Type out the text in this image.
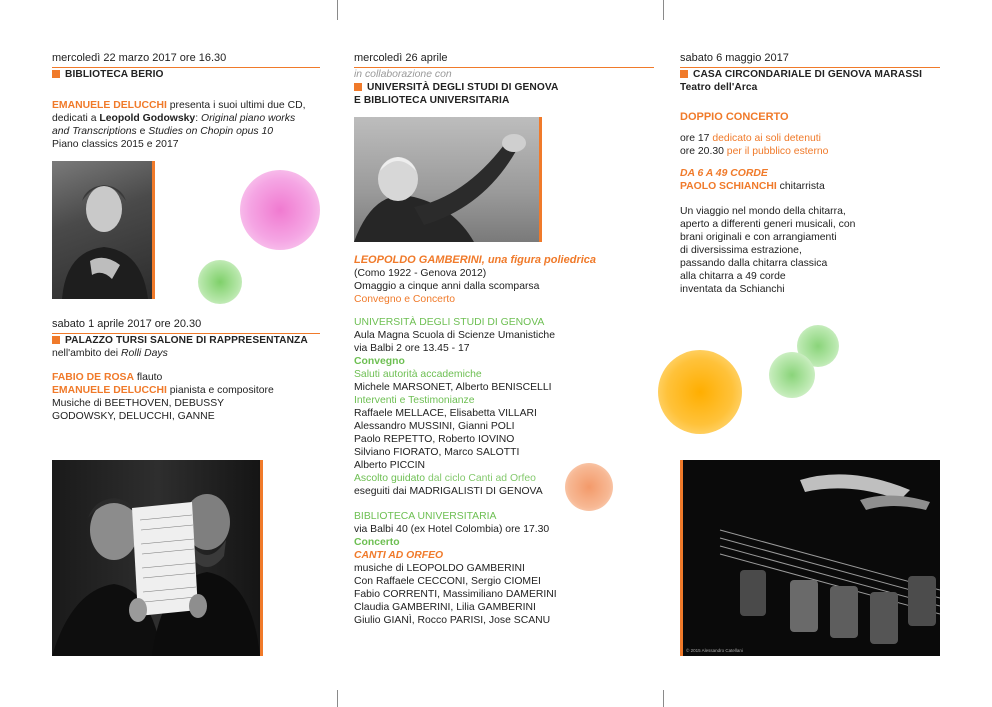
mercoledì 22 marzo 2017 ore 16.30
BIBLIOTECA BERIO

EMANUELE DELUCCHI presenta i suoi ultimi due CD,

dedicati a Leopold Godowsky: Original piano works

and Transcriptions e Studies on Chopin opus 10

Piano classics 2015 e 2017

sabato 1 aprile 2017 ore 20.30
PALAZZO TURSI SALONE DI RAPPRESENTANZA

nell'ambito dei Rolli Days

FABIO DE ROSA flauto

EMANUELE DELUCCHI pianista e compositore

Musiche di BEETHOVEN, DEBUSSY

GODOWSKY, DELUCCHI, GANNE

mercoledì 26 aprile

in collaborazione con

UNIVERSITÀ DEGLI STUDI DI GENOVA
E BIBLIOTECA UNIVERSITARIA

LEOPOLDO GAMBERINI, una figura poliedrica

(Como 1922 - Genova 2012)

Omaggio a cinque anni dalla scomparsa

Convegno e Concerto

UNIVERSITÀ DEGLI STUDI DI GENOVA

Aula Magna Scuola di Scienze Umanistiche

via Balbi 2 ore 13.45 - 17

Convegno

Saluti autorità accademiche

Michele MARSONET, Alberto BENISCELLI

Interventi e Testimonianze

Raffaele MELLACE, Elisabetta VILLARI

Alessandro MUSSINI, Gianni POLI

Paolo REPETTO, Roberto IOVINO

Silviano FIORATO, Marco SALOTTI

Alberto PICCIN

Ascolto guidato dal ciclo Canti ad Orfeo

eseguiti dai MADRIGALISTI DI GENOVA

BIBLIOTECA UNIVERSITARIA

via Balbi 40 (ex Hotel Colombia) ore 17.30

Concerto

CANTI AD ORFEO

musiche di LEOPOLDO GAMBERINI

Con Raffaele CECCONI, Sergio CIOMEI

Fabio CORRENTI, Massimiliano DAMERINI

Claudia GAMBERINI, Lilia GAMBERINI

Giulio GIANÌ, Rocco PARISI, Jose SCANU

sabato 6 maggio 2017
CASA CIRCONDARIALE DI GENOVA MARASSI
Teatro dell'Arca

DOPPIO CONCERTO

ore 17 dedicato ai soli detenuti

ore 20.30 per il pubblico esterno

DA 6 A 49 CORDE

PAOLO SCHIANCHI chitarrista

Un viaggio nel mondo della chitarra,

aperto a differenti generi musicali, con

brani originali e con arrangiamenti

di diversissima estrazione,

passando dalla chitarra classica

alla chitarra a 49 corde

inventata da Schianchi

© 2015 Alessandro Catellani
